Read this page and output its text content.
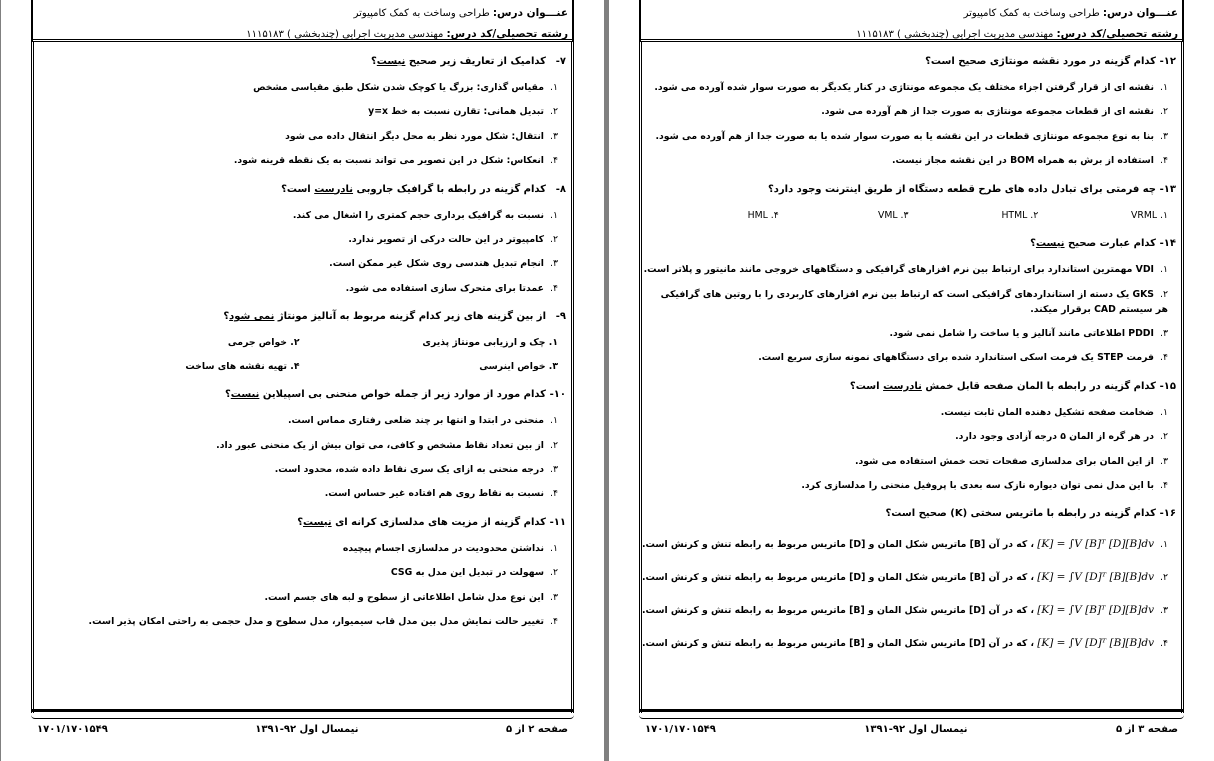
عنـــوان درس: طراحی وساخت به کمک کامپیوتر
رشته تحصیلی/کد درس: مهندسی مدیریت اجرایی (چندبخشی ) ۱۱۱۵۱۸۳
۷-کدامیک از تعاریف زیر صحیح نیست؟
۱.مقیاس گذاری: بزرگ یا کوچک شدن شکل طبق مقیاسی مشخص
۲.تبدیل همانی: تقارن نسبت به خط y=x
۳.انتقال: شکل مورد نظر به محل دیگر انتقال داده می شود
۴.انعکاس: شکل در این تصویر می تواند نسبت به یک نقطه قرینه شود.
۸-کدام گزینه در رابطه با گرافیک جاروبی نادرست است؟
۱.نسبت به گرافیک برداری حجم کمتری را اشغال می کند.
۲.کامپیوتر در این حالت درکی از تصویر ندارد.
۳.انجام تبدیل هندسی روی شکل غیر ممکن است.
۴.عمدتا برای متحرک سازی استفاده می شود.
۹-از بین گزینه های زیر کدام گزینه مربوط به آنالیز مونتاژ نمی شود؟
۱. چک و ارزیابی مونتاژ پذیری
۲. خواص جرمی
۳. خواص اینرسی
۴. تهیه نقشه های ساخت
۱۰-کدام مورد از موارد زیر از جمله خواص منحنی بی اسپیلاین نیست؟
۱.منحنی در ابتدا و انتها بر چند ضلعی رفتاری مماس است.
۲.از بین تعداد نقاط مشخص و کافی، می توان بیش از یک منحنی عبور داد.
۳.درجه منحنی به ازای یک سری نقاط داده شده، محدود است.
۴.نسبت به نقاط روی هم افتاده غیر حساس است.
۱۱-کدام گزینه از مزیت های مدلسازی کرانه ای نیست؟
۱.نداشتن محدودیت در مدلسازی اجسام پیچیده
۲.سهولت در تبدیل این مدل به CSG
۳.این نوع مدل شامل اطلاعاتی از سطوح و لبه های جسم است.
۴.تغییر حالت نمایش مدل بین مدل قاب سیمیوار، مدل سطوح و مدل حجمی به راحتی امکان پذیر است.
صفحه ۲ از ۵
نیمسال اول ۹۲-۱۳۹۱
۱۷۰۱/۱۷۰۱۵۴۹
عنـــوان درس: طراحی وساخت به کمک کامپیوتر
رشته تحصیلی/کد درس: مهندسی مدیریت اجرایی (چندبخشی ) ۱۱۱۵۱۸۳
۱۲-کدام گزینه در مورد نقشه مونتاژی صحیح است؟
۱.نقشه ای از قرار گرفتن اجزاء مختلف یک مجموعه مونتاژی در کنار یکدیگر به صورت سوار شده آورده می شود.
۲.نقشه ای از قطعات مجموعه مونتاژی به صورت جدا از هم آورده می شود.
۳.بنا به نوع مجموعه مونتاژی قطعات در این نقشه یا به صورت سوار شده یا به صورت جدا از هم آورده می شود.
۴.استفاده از برش به همراه BOM در این نقشه مجاز نیست.
۱۳-چه فرمتی برای تبادل داده های طرح قطعه دستگاه از طریق اینترنت وجود دارد؟
۱. VRML
۲. HTML
۳. VML
۴. HML
۱۴-کدام عبارت صحیح نیست؟
۱.VDI مهمترین استاندارد برای ارتباط بین نرم افزارهای گرافیکی و دستگاههای خروجی مانند مانیتور و پلاتر است.
۲.GKS یک دسته از استانداردهای گرافیکی است که ارتباط بین نرم افزارهای کاربردی را با روتین های گرافیکی هر سیستم CAD برقرار میکند.
۳.PDDI اطلاعاتی مانند آنالیز و یا ساخت را شامل نمی شود.
۴.فرمت STEP یک فرمت اسکی استاندارد شده برای دستگاههای نمونه سازی سریع است.
۱۵-کدام گزینه در رابطه با المان صفحه قابل خمش نادرست است؟
۱.ضخامت صفحه تشکیل دهنده المان ثابت نیست.
۲.در هر گره از المان ۵ درجه آزادی وجود دارد.
۳.از این المان برای مدلسازی صفحات تحت خمش استفاده می شود.
۴.با این مدل نمی توان دیواره نازک سه بعدی با پروفیل منحنی را مدلسازی کرد.
۱۶-کدام گزینه در رابطه با ماتریس سختی (K) صحیح است؟
۱.[K] = ∫V [B]ᵀ [D][B]dv ، که در آن [B] ماتریس شکل المان و [D] ماتریس مربوط به رابطه تنش و کرنش است.
۲.[K] = ∫V [D]ᵀ [B][B]dv ، که در آن [B] ماتریس شکل المان و [D] ماتریس مربوط به رابطه تنش و کرنش است.
۳.[K] = ∫V [B]ᵀ [D][B]dv ، که در آن [D] ماتریس شکل المان و [B] ماتریس مربوط به رابطه تنش و کرنش است.
۴.[K] = ∫V [D]ᵀ [B][B]dv ، که در آن [D] ماتریس شکل المان و [B] ماتریس مربوط به رابطه تنش و کرنش است.
صفحه ۳ از ۵
نیمسال اول ۹۲-۱۳۹۱
۱۷۰۱/۱۷۰۱۵۴۹
